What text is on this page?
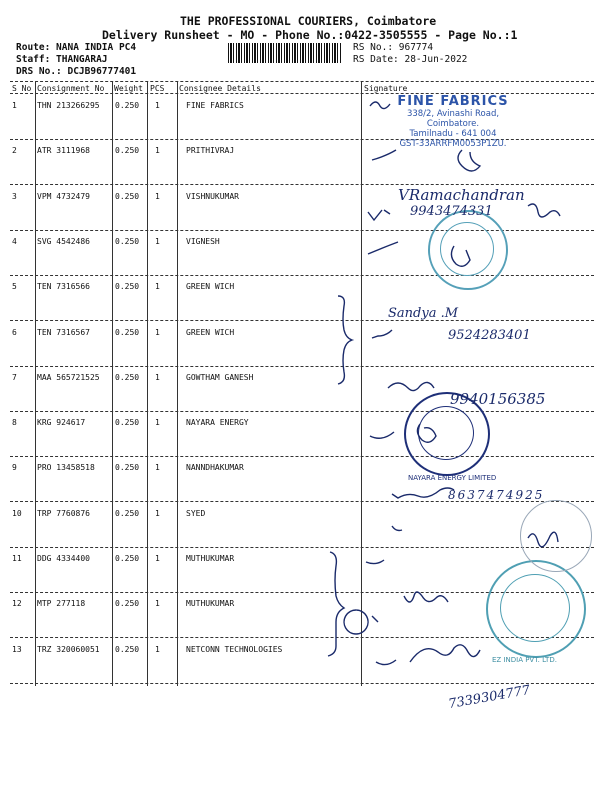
THE PROFESSIONAL COURIERS, Coimbatore
Delivery Runsheet - MO - Phone No.:0422-3505555 - Page No.:1
Route: NANA INDIA PC4
Staff: THANGARAJ
DRS No.: DCJB96777401
RS No.: 967774
RS Date: 28-Jun-2022
S No Consignment No Weight PCS Consignee Details	Signature
1	THN 213266295 0.250 1	FINE FABRICS
2	ATR 3111968	0.250 1	PRITHIVRAJ
3	VPM 4732479	0.250 1	VISHNUKUMAR
4	SVG 4542486	0.250 1	VIGNESH
5	TEN 7316566	0.250 1	GREEN WICH
6	TEN 7316567	0.250 1	GREEN WICH
7	MAA 565721525 0.250 1	GOWTHAM GANESH
8	KRG 924617	0.250 1	NAYARA ENERGY
9	PRO 13458518	0.250 1	NANNDHAKUMAR
10 TRP 7760876	0.250 1	SYED
11 DDG 4334400	0.250 1	MUTHUKUMAR
12 MTP 277118	0.250 1	MUTHUKUMAR
13 TRZ 320060051 0.250 1	NETCONN TECHNOLOGIES
FINE FABRICS
338/2, Avinashi Road,
Coimbatore.
Tamilnadu - 641 004
GST-33ARRFM0053P1ZU.
NAYARA ENERGY LIMITED
EZ INDIA PVT. LTD.
VRamachandran
9943474331
Sandya .M
9524283401
9940156385
8637474925
7339304777
